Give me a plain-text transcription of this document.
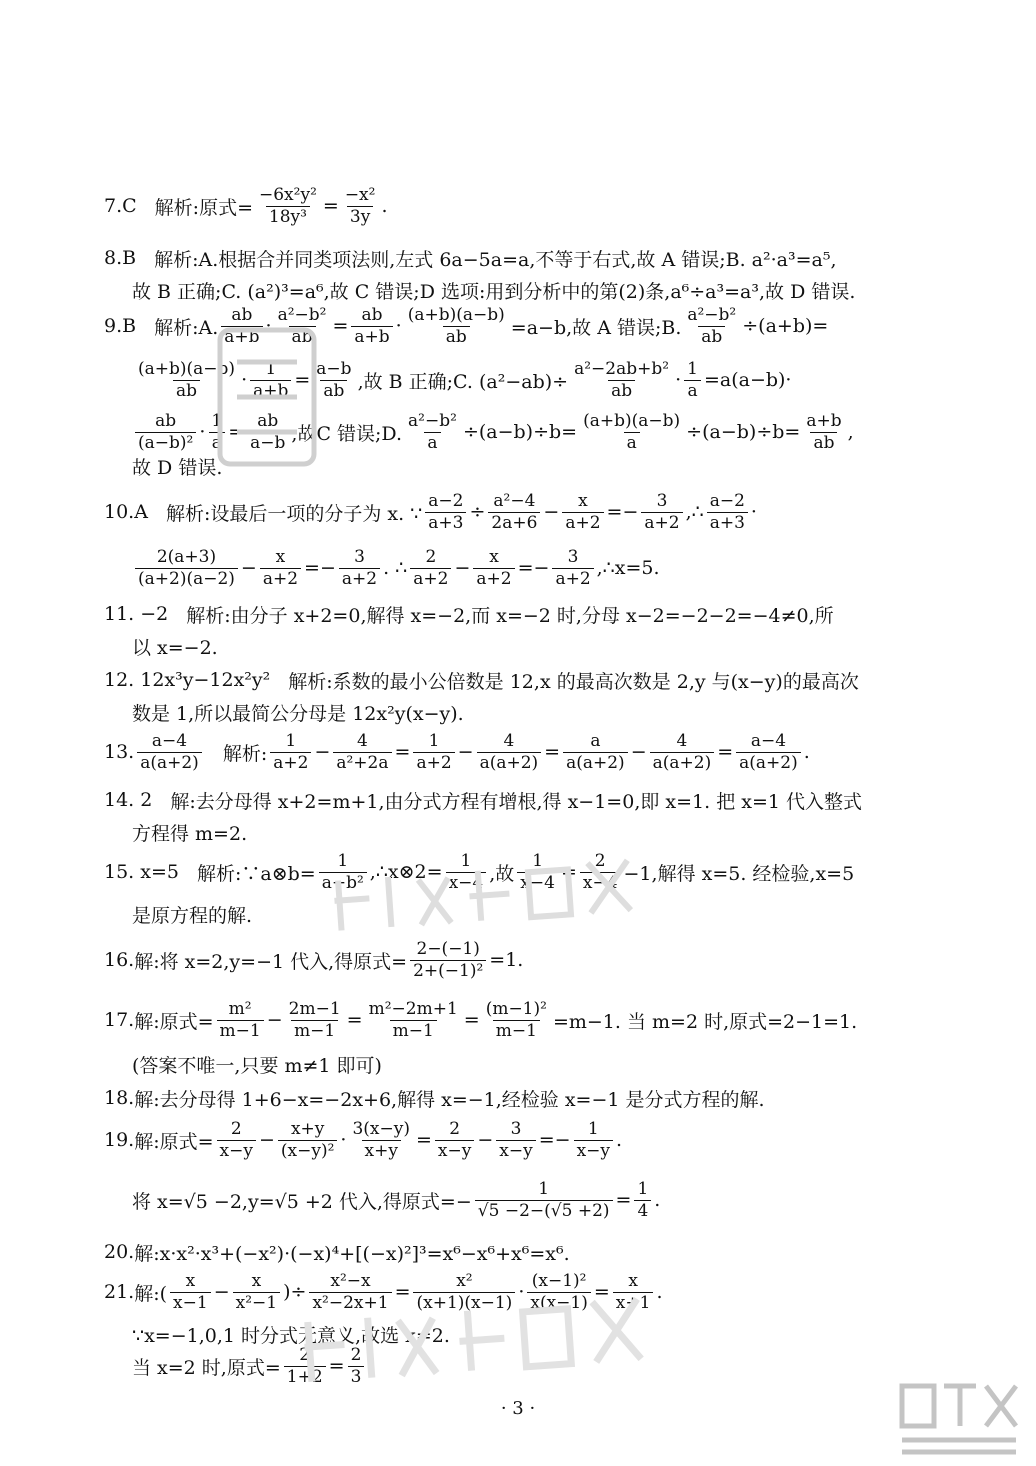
7.C 解析:原式= $\frac{\text{−6x²y²}}{\text{18y³}} = \frac{\text{−x²}}{3y}$ .
8.B 解析:A.根据合并同类项法则,左式 6a−5a=a,不等于右式,故 A 错误;B. a²·a³=a⁵,
故 B 正确;C. (a²)³=a⁶,故 C 错误;D 选项:用到分析中的第(2)条,a⁶÷a³=a³,故 D 错误.
9.B 解析:A. $\frac{ab}{a+b} \cdot \frac{\text{a²−b²}}{ab} = \frac{ab}{a+b} \cdot \frac{(a+b)(a-b)}{ab} =a-b$,故 A 错误;B. $\frac{\text{a²−b²}}{ab} \div(a+b)=$
$\frac{(a+b)(a-b)}{ab} \cdot \frac{1}{a+b} = \frac{a-b}{ab}$ ,故 B 正确;C. $(a^2-ab)\div \frac{\text{a²−2ab+b²}}{ab} \cdot \frac{1}{a} =a(a-b)\cdot$
$\frac{ab}{\text{(a−b)²}} \cdot \frac{1}{a} = \frac{ab}{a-b}$ ,故C 错误;D. $\frac{\text{a²−b²}}{a} \div(a-b)\div b= \frac{(a+b)(a-b)}{a} \div(a-b)\div b= \frac{a+b}{ab}$ ,
故 D 错误.
10.A 解析:设最后一项的分子为 x. ∵ $\frac{a-2}{a+3} \div \frac{\text{a²−4}}{2a+6} - \frac{x}{a+2} =- \frac{3}{a+2}$ ,∴ $\frac{a-2}{a+3}$ ·
$\frac{2(a+3)}{(a+2)(a-2)} - \frac{x}{a+2} =- \frac{3}{a+2}$ . ∴ $\frac{2}{a+2} - \frac{x}{a+2} =- \frac{3}{a+2}$ ,∴x=5.
11. −2 解析:由分子 x+2=0,解得 x=−2,而 x=−2 时,分母 x−2=−2−2=−4≠0,所
以 x=−2.
12. 12x³y−12x²y² 解析:系数的最小公倍数是 12,x 的最高次数是 2,y 与(x−y)的最高次
数是 1,所以最简公分母是 12x²y(x−y).
13. $\frac{a-4}{a(a+2)}$ 解析: $\frac{1}{a+2} - \frac{4}{\text{a²+2a}} = \frac{1}{a+2} - \frac{4}{a(a+2)} = \frac{a}{a(a+2)} - \frac{4}{a(a+2)} = \frac{a-4}{a(a+2)}$ .
14. 2 解:去分母得 x+2=m+1,由分式方程有增根,得 x−1=0,即 x=1. 把 x=1 代入整式
方程得 m=2.
15. x=5 解析:∵a⊗b= $\frac{1}{\text{a−b²}}$ ,∴x⊗2= $\frac{1}{x-4}$ ,故 $\frac{1}{x-4} = \frac{2}{x-4} -1$,解得 x=5. 经检验,x=5
是原方程的解.
16. 解:将 x=2,y=−1 代入,得原式= $\frac{2-(-1)}{\text{2+(−1)²}} =1$.
17. 解:原式= $\frac{\text{m²}}{m-1} - \frac{2m-1}{m-1} = \frac{\text{m²−2m+1}}{m-1} = \frac{\text{(m−1)²}}{m-1} =m-1$. 当 m=2 时,原式=2−1=1.
(答案不唯一,只要 m≠1 即可)
18. 解:去分母得 1+6−x=−2x+6,解得 x=−1,经检验 x=−1 是分式方程的解.
19. 解:原式= $\frac{2}{x-y} - \frac{x+y}{\text{(x−y)²}} \cdot \frac{3(x-y)}{x+y} = \frac{2}{x-y} - \frac{3}{x-y} =- \frac{1}{x-y}$ .
将 x=√5 −2,y=√5 +2 代入,得原式=− $\frac{1}{√5 -2-(√5 +2)} = \frac{1}{4}$ .
20. 解:x·x²·x³+(−x²)·(−x)⁴+[(−x)²]³=x⁶−x⁶+x⁶=x⁶.
21. 解:( $\frac{x}{x-1} - \frac{x}{\text{x²−1}}$ )÷ $\frac{\text{x²−x}}{\text{x²−2x+1}} = \frac{\text{x²}}{(x+1)(x-1)} \cdot \frac{\text{(x−1)²}}{x(x-1)} = \frac{x}{x+1}$ .
∵x=−1,0,1 时分式无意义,故选 x=2.
当 x=2 时,原式= $\frac{2}{1+2} = \frac{2}{3}$ .
· 3 ·
